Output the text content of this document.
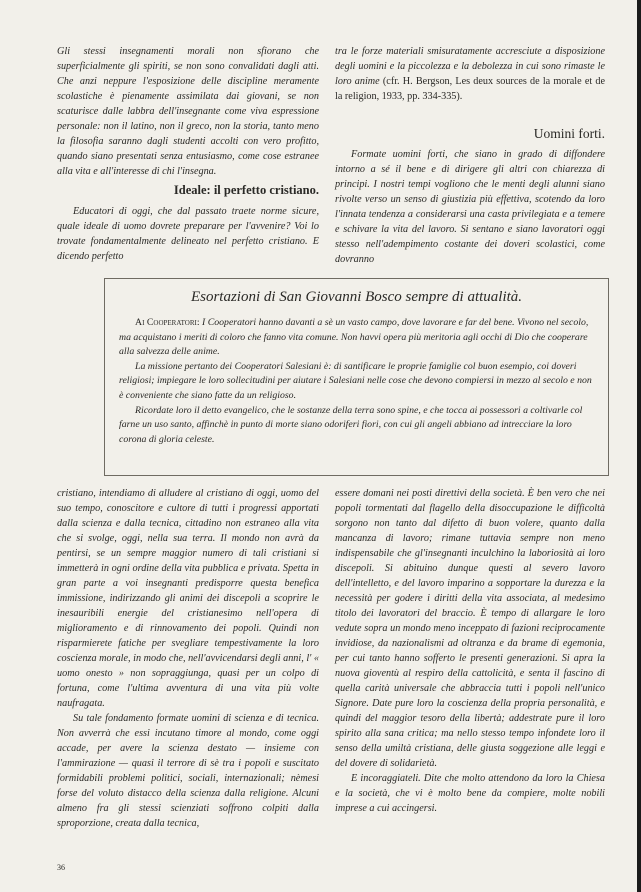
Gli stessi insegnamenti morali non sfiorano che superficialmente gli spiriti, se non sono convalidati dagli atti. Che anzi neppure l'esposizione delle discipline meramente scolastiche è pienamente assimilata dai giovani, se non scaturisce dalle labbra dell'insegnante come viva espressione personale: non il latino, non il greco, non la storia, tanto meno la filosofia saranno dagli studenti accolti con vero profitto, quando siano presentati senza entusiasmo, come cose estranee alla vita e all'interesse di chi l'insegna.

Ideale: il perfetto cristiano.

Educatori di oggi, che dal passato traete norme sicure, quale ideale di uomo dovrete preparare per l'avvenire? Voi lo trovate fondamentalmente delineato nel perfetto cristiano. E dicendo perfetto

tra le forze materiali smisuratamente accresciute a disposizione degli uomini e la piccolezza e la debolezza in cui sono rimaste le loro anime (cfr. H. Bergson, Les deux sources de la morale et de la religion, 1933, pp. 334-335).

Uomini forti.

Formate uomini forti, che siano in grado di diffondere intorno a sé il bene e di dirigere gli altri con chiarezza di principi. I nostri tempi vogliono che le menti degli alunni siano rivolte verso un senso di giustizia più effettiva, scotendo da loro l'innata tendenza a considerarsi una casta privilegiata e a temere e schivare la vita del lavoro. Si sentano e siano lavoratori oggi stesso nell'adempimento costante dei doveri scolastici, come dovranno

Esortazioni di San Giovanni Bosco sempre di attualità.

Ai Cooperatori: I Cooperatori hanno davanti a sè un vasto campo, dove lavorare e far del bene. Vivono nel secolo, ma acquistano i meriti di coloro che fanno vita comune. Non havvi opera più meritoria agli occhi di Dio che cooperare alla salvezza delle anime.

La missione pertanto dei Cooperatori Salesiani è: di santificare le proprie famiglie col buon esempio, coi doveri religiosi; impiegare le loro sollecitudini per aiutare i Salesiani nelle cose che devono compiersi in mezzo al secolo e non è conveniente che siano fatte da un religioso.

Ricordate loro il detto evangelico, che le sostanze della terra sono spine, e che tocca ai possessori a coltivarle col farne un uso santo, affinchè in punto di morte siano odoriferi fiori, con cui gli angeli abbiano ad intrecciare la loro corona di gloria celeste.

cristiano, intendiamo di alludere al cristiano di oggi, uomo del suo tempo, conoscitore e cultore di tutti i progressi apportati dalla scienza e dalla tecnica, cittadino non estraneo alla vita che si svolge, oggi, nella sua terra. Il mondo non avrà da pentirsi, se un sempre maggior numero di tali cristiani si immetterà in ogni ordine della vita pubblica e privata. Spetta in gran parte a voi insegnanti predisporre questa benefica immissione, indirizzando gli animi dei discepoli a scoprire le inesauribili energie del cristianesimo nell'opera di miglioramento e di rinnovamento dei popoli. Quindi non risparmierete fatiche per svegliare tempestivamente la loro coscienza morale, in modo che, nell'avvicendarsi degli anni, l' « uomo onesto » non sopraggiunga, quasi per un colpo di fortuna, come l'ultima avventura di una vita più volte naufragata.

Su tale fondamento formate uomini di scienza e di tecnica. Non avverrà che essi incutano timore al mondo, come oggi accade, per avere la scienza destato — insieme con l'ammirazione — quasi il terrore di sè tra i popoli e suscitato formidabili problemi politici, sociali, internazionali; nèmesi forse del voluto distacco della scienza dalla religione. Alcuni almeno fra gli stessi scienziati soffrono colpiti dalla sproporzione, creata dalla tecnica,

essere domani nei posti direttivi della società. È ben vero che nei popoli tormentati dal flagello della disoccupazione le difficoltà sorgono non tanto dal difetto di buon volere, quanto dalla mancanza di lavoro; rimane tuttavia sempre non meno indispensabile che gl'insegnanti inculchino la laboriosità ai loro discepoli. Si abituino dunque questi al severo lavoro dell'intelletto, e del lavoro imparino a sopportare la durezza e la necessità per godere i diritti della vita associata, al medesimo titolo dei lavoratori del braccio. È tempo di allargare le loro vedute sopra un mondo meno inceppato di fazioni reciprocamente invidiose, da nazionalismi ad oltranza e da brame di egemonia, per cui tanto hanno sofferto le presenti generazioni. Si apra la nuova gioventù al respiro della cattolicità, e senta il fascino di quella carità universale che abbraccia tutti i popoli nell'unico Signore. Date pure loro la coscienza della propria personalità, e quindi del maggior tesoro della libertà; addestrate pure il loro spirito alla sana critica; ma nello stesso tempo infondete loro il senso della umiltà cristiana, delle giusta soggezione alle leggi e del dovere di solidarietà.

E incoraggiateli. Dite che molto attendono da loro la Chiesa e la società, che vi è molto bene da compiere, molte nobili imprese a cui accingersi.

36
